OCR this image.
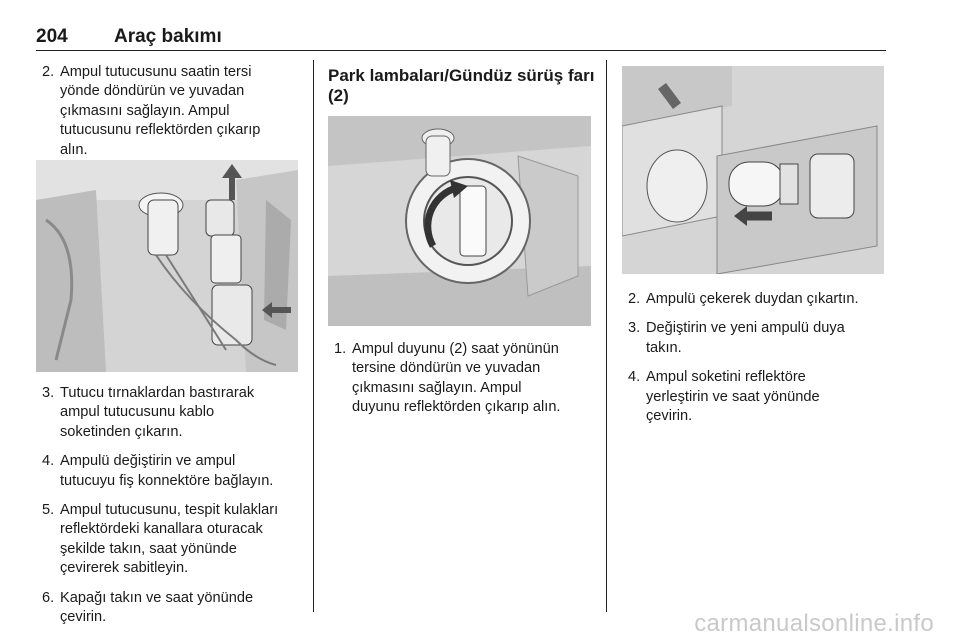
204 Araç bakımı
2. Ampul tutucusunu saatin tersi
yönde döndürün ve yuvadan
çıkmasını sağlayın. Ampul
tutucusunu reflektörden çıkarıp
alın.
3. Tutucu tırnaklardan bastırarak
ampul tutucusunu kablo
soketinden çıkarın.
4. Ampulü değiştirin ve ampul
tutucuyu fiş konnektöre bağlayın.
5. Ampul tutucusunu, tespit kulakları
reflektördeki kanallara oturacak
şekilde takın, saat yönünde
çevirerek sabitleyin.
6. Kapağı takın ve saat yönünde
çevirin.
Park lambaları/Gündüz sürüş farı
(2)
1. Ampul duyunu (2) saat yönünün
tersine döndürün ve yuvadan
çıkmasını sağlayın. Ampul
duyunu reflektörden çıkarıp alın.
2. Ampulü çekerek duydan çıkartın.
3. Değiştirin ve yeni ampulü duya
takın.
4. Ampul soketini reflektöre
yerleştirin ve saat yönünde
çevirin.
carmanualsonline.info
